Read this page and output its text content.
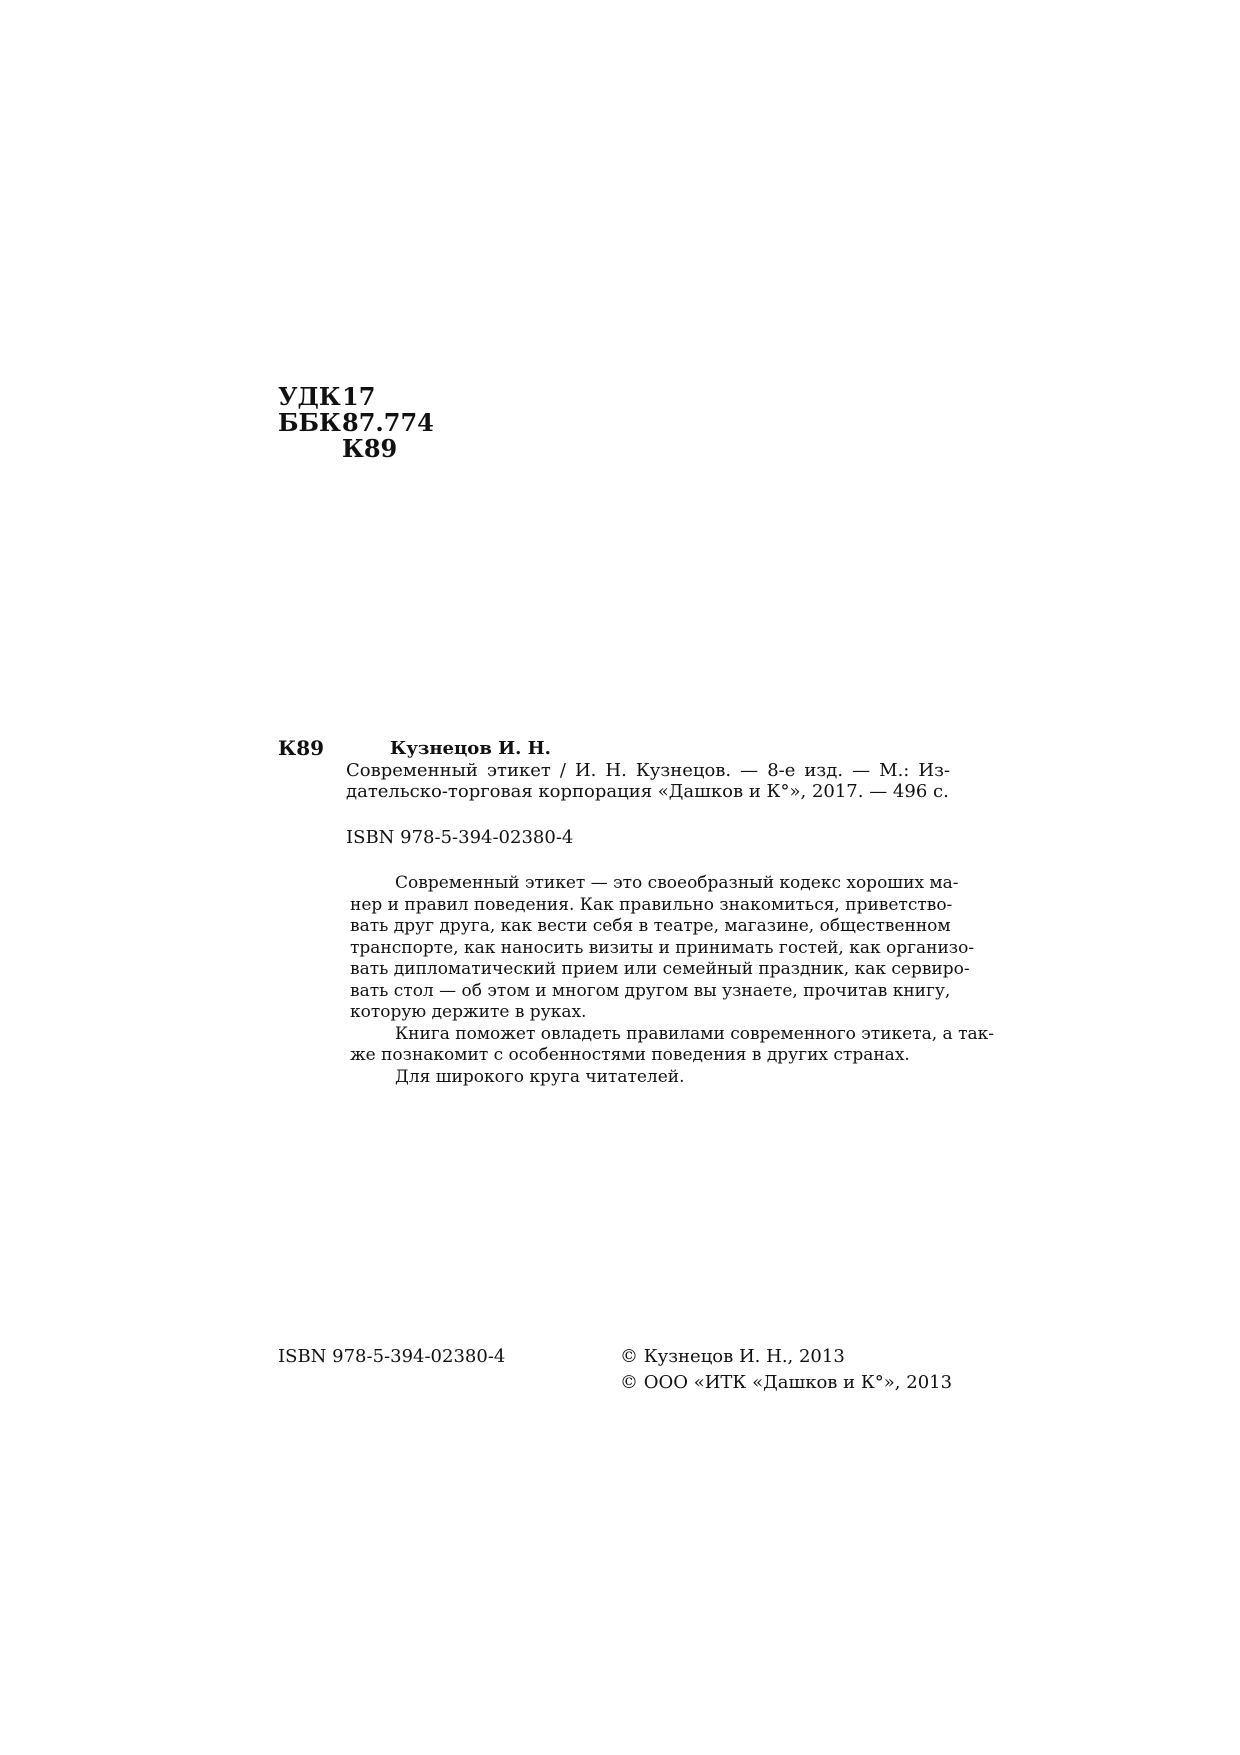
УДК 17
ББК 87.774
К89
К89	Кузнецов И. Н.
Современный этикет / И. Н. Кузнецов. — 8-е изд. — М.: Из-
дательско-торговая корпорация «Дашков и К°», 2017. — 496 с.
ISBN 978-5-394-02380-4
Современный этикет — это своеобразный кодекс хороших ма-
нер и правил поведения. Как правильно знакомиться, приветство-
вать друг друга, как вести себя в театре, магазине, общественном
транспорте, как наносить визиты и принимать гостей, как организо-
вать дипломатический прием или семейный праздник, как сервиро-
вать стол — об этом и многом другом вы узнаете, прочитав книгу,
которую держите в руках.
Книга поможет овладеть правилами современного этикета, а так-
же познакомит с особенностями поведения в других странах.
Для широкого круга читателей.
ISBN 978-5-394-02380-4	© Кузнецов И. Н., 2013
© ООО «ИТК «Дашков и К°», 2013
